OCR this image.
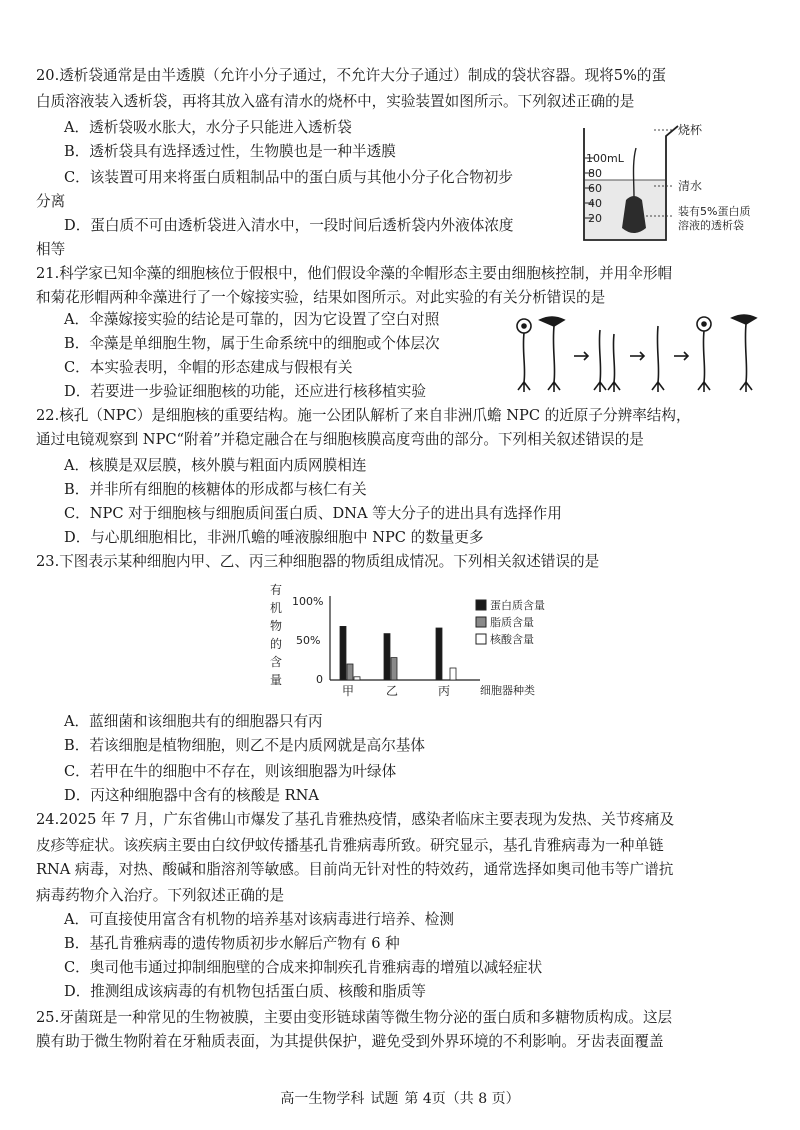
20.透析袋通常是由半透膜（允许小分子通过，不允许大分子通过）制成的袋状容器。现将5%的蛋
白质溶液装入透析袋，再将其放入盛有清水的烧杯中，实验装置如图所示。下列叙述正确的是
A．透析袋吸水胀大，水分子只能进入透析袋
B．透析袋具有选择透过性，生物膜也是一种半透膜
C．该装置可用来将蛋白质粗制品中的蛋白质与其他小分子化合物初步
分离
D．蛋白质不可由透析袋进入清水中，一段时间后透析袋内外液体浓度
相等
100mL
80
60
40
20
烧杯
清水
装有5%蛋白质
溶液的透析袋
21.科学家已知伞藻的细胞核位于假根中，他们假设伞藻的伞帽形态主要由细胞核控制，并用伞形帽
和菊花形帽两种伞藻进行了一个嫁接实验，结果如图所示。对此实验的有关分析错误的是
A．伞藻嫁接实验的结论是可靠的，因为它设置了空白对照
B．伞藻是单细胞生物，属于生命系统中的细胞或个体层次
C．本实验表明，伞帽的形态建成与假根有关
D．若要进一步验证细胞核的功能，还应进行核移植实验
22.核孔（NPC）是细胞核的重要结构。施一公团队解析了来自非洲爪蟾 NPC 的近原子分辨率结构，
通过电镜观察到 NPC“附着”并稳定融合在与细胞核膜高度弯曲的部分。下列相关叙述错误的是
A．核膜是双层膜，核外膜与粗面内质网膜相连
B．并非所有细胞的核糖体的形成都与核仁有关
C．NPC 对于细胞核与细胞质间蛋白质、DNA 等大分子的进出具有选择作用
D．与心肌细胞相比，非洲爪蟾的唾液腺细胞中 NPC 的数量更多
23.下图表示某种细胞内甲、乙、丙三种细胞器的物质组成情况。下列相关叙述错误的是
有机物的含量
100%
50%
0
甲	乙	丙	细胞器种类
蛋白质含量
脂质含量
核酸含量
A．蓝细菌和该细胞共有的细胞器只有丙
B．若该细胞是植物细胞，则乙不是内质网就是高尔基体
C．若甲在牛的细胞中不存在，则该细胞器为叶绿体
D．丙这种细胞器中含有的核酸是 RNA
24.2025 年 7 月，广东省佛山市爆发了基孔肯雅热疫情，感染者临床主要表现为发热、关节疼痛及
皮疹等症状。该疾病主要由白纹伊蚊传播基孔肯雅病毒所致。研究显示，基孔肯雅病毒为一种单链
RNA 病毒，对热、酸碱和脂溶剂等敏感。目前尚无针对性的特效药，通常选择如奥司他韦等广谱抗
病毒药物介入治疗。下列叙述正确的是
A．可直接使用富含有机物的培养基对该病毒进行培养、检测
B．基孔肯雅病毒的遗传物质初步水解后产物有 6 种
C．奥司他韦通过抑制细胞壁的合成来抑制疾孔肯雅病毒的增殖以减轻症状
D．推测组成该病毒的有机物包括蛋白质、核酸和脂质等
25.牙菌斑是一种常见的生物被膜，主要由变形链球菌等微生物分泌的蛋白质和多糖物质构成。这层
膜有助于微生物附着在牙釉质表面，为其提供保护，避免受到外界环境的不利影响。牙齿表面覆盖
高一生物学科 试题 第 4页（共 8 页）
